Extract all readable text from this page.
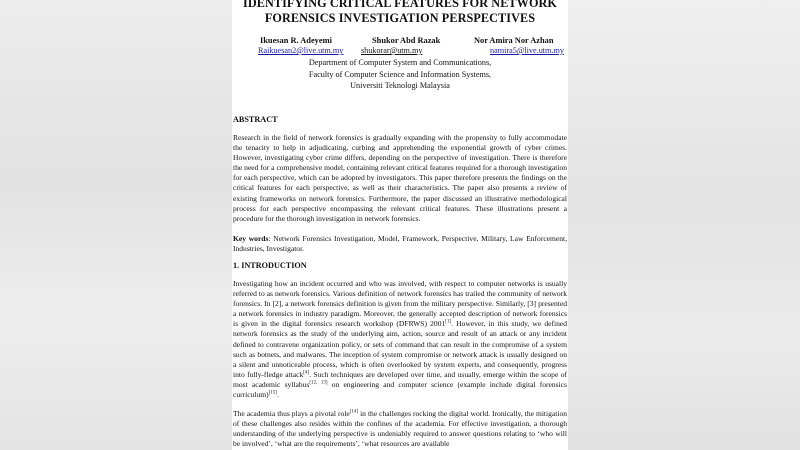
IDENTIFYING CRITICAL FEATURES FOR NETWORK

FORENSICS INVESTIGATION PERSPECTIVES

Ikuesan R. Adeyemi	Shukor Abd Razak	Nor Amira Nor Azhan
Raikuesan2@live.utm.my shukorar@utm.my	namira5@live.utm.my
Department of Computer System and Communications,
Faculty of Computer Science and Information Systems,
Universiti Teknologi Malaysia

ABSTRACT

Research in the field of network forensics is gradually expanding with the propensity to fully accommodate the tenacity to help in adjudicating, curbing and apprehending the exponential growth of cyber crimes. However, investigating cyber crime differs, depending on the perspective of investigation. There is therefore the need for a comprehensive model, containing relevant critical features required for a thorough investigation for each perspective, which can be adopted by investigators. This paper therefore presents the findings on the critical features for each perspective, as well as their characteristics. The paper also presents a review of existing frameworks on network forensics. Furthermore, the paper discussed an illustrative methodological process for each perspective encompassing the relevant critical features. These illustrations present a procedure for the thorough investigation in network forensics.

Key words: Network Forensics Investigation, Model, Framework, Perspective, Military, Law Enforcement, Industries, Investigator.

1. INTRODUCTION

Investigating how an incident occurred and who was involved, with respect to computer networks is usually referred to as network forensics. Various definition of network forensics has trailed the community of network forensics. In [2], a network forensics definition is given from the military perspective. Similarly, [3] presented a network forensics in industry paradigm. Moreover, the generally accepted description of network forensics is given in the digital forensics research workshop (DFRWS) 2001[1]. However, in this study, we defined network forensics as the study of the underlying aim, action, source and result of an attack or any incident defined to contravene organization policy, or sets of command that can result in the compromise of a system such as botnets, and malwares. The inception of system compromise or network attack is usually designed on a silent and unnoticeable process, which is often overlooked by system experts, and consequently, progress into fully-fledge attack[4]. Such techniques are developed over time, and usually, emerge within the scope of most academic syllabus[12, 13] on engineering and computer science (example include digital forensics curriculum)[15].

The academia thus plays a pivotal role[14] in the challenges rocking the digital world. Ironically, the mitigation of these challenges also resides within the confines of the academia. For effective investigation, a thorough understanding of the underlying perspective is undeniably required to answer questions relating to ‘who will be involved’, ‘what are the requirements’, ‘what resources are available
